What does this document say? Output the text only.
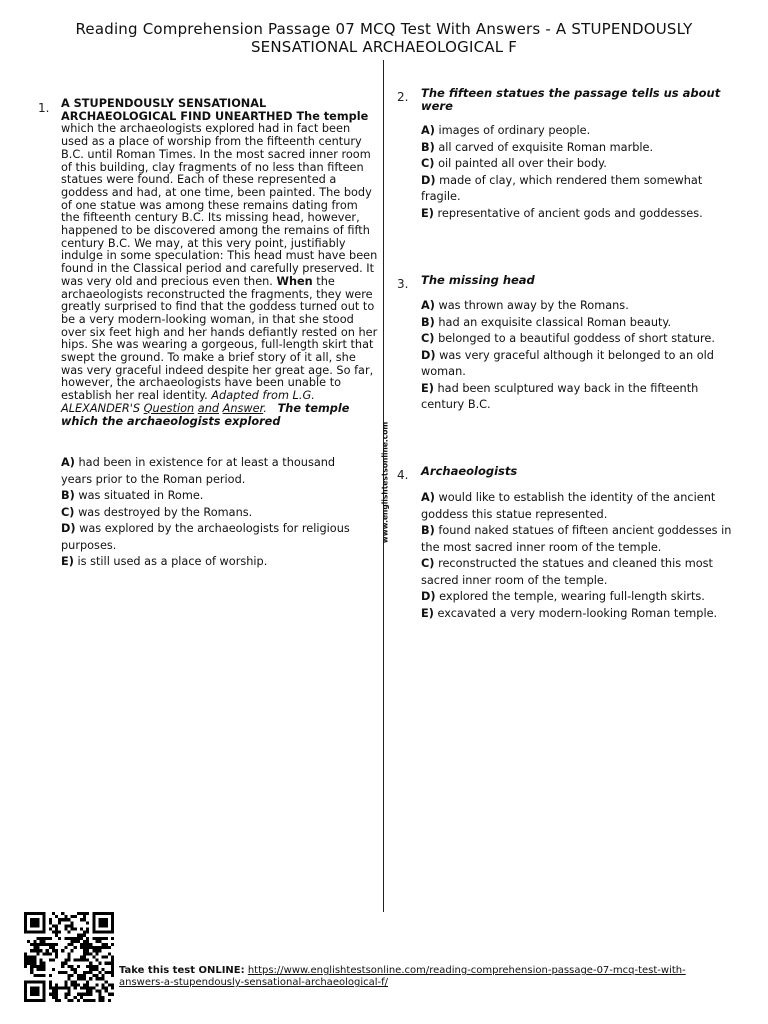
Reading Comprehension Passage 07 MCQ Test With Answers - A STUPENDOUSLY
SENSATIONAL ARCHAEOLOGICAL F
www.englishtestsonline.com
1. A STUPENDOUSLY SENSATIONAL ARCHAEOLOGICAL FIND UNEARTHED The temple which the archaeologists explored had in fact been used as a place of worship from the fifteenth century B.C. until Roman Times. In the most sacred inner room of this building, clay fragments of no less than fifteen statues were found. Each of these represented a goddess and had, at one time, been painted. The body of one statue was among these remains dating from the fifteenth century B.C. Its missing head, however, happened to be discovered among the remains of fifth century B.C. We may, at this very point, justifiably indulge in some speculation: This head must have been found in the Classical period and carefully preserved. It was very old and precious even then. When the archaeologists reconstructed the fragments, they were greatly surprised to find that the goddess turned out to be a very modern-looking woman, in that she stood over six feet high and her hands defiantly rested on her hips. She was wearing a gorgeous, full-length skirt that swept the ground. To make a brief story of it all, she was very graceful indeed despite her great age. So far, however, the archaeologists have been unable to establish her real identity. Adapted from L.G. ALEXANDER'S Question and Answer. The temple which the archaeologists explored
A) had been in existence for at least a thousand years prior to the Roman period.
B) was situated in Rome.
C) was destroyed by the Romans.
D) was explored by the archaeologists for religious purposes.
E) is still used as a place of worship.
2. The fifteen statues the passage tells us about were
A) images of ordinary people.
B) all carved of exquisite Roman marble.
C) oil painted all over their body.
D) made of clay, which rendered them somewhat fragile.
E) representative of ancient gods and goddesses.
3. The missing head
A) was thrown away by the Romans.
B) had an exquisite classical Roman beauty.
C) belonged to a beautiful goddess of short stature.
D) was very graceful although it belonged to an old woman.
E) had been sculptured way back in the fifteenth century B.C.
4. Archaeologists
A) would like to establish the identity of the ancient goddess this statue represented.
B) found naked statues of fifteen ancient goddesses in the most sacred inner room of the temple.
C) reconstructed the statues and cleaned this most sacred inner room of the temple.
D) explored the temple, wearing full-length skirts.
E) excavated a very modern-looking Roman temple.
Take this test ONLINE: https://www.englishtestsonline.com/reading-comprehension-passage-07-mcq-test-with-answers-a-stupendously-sensational-archaeological-f/
